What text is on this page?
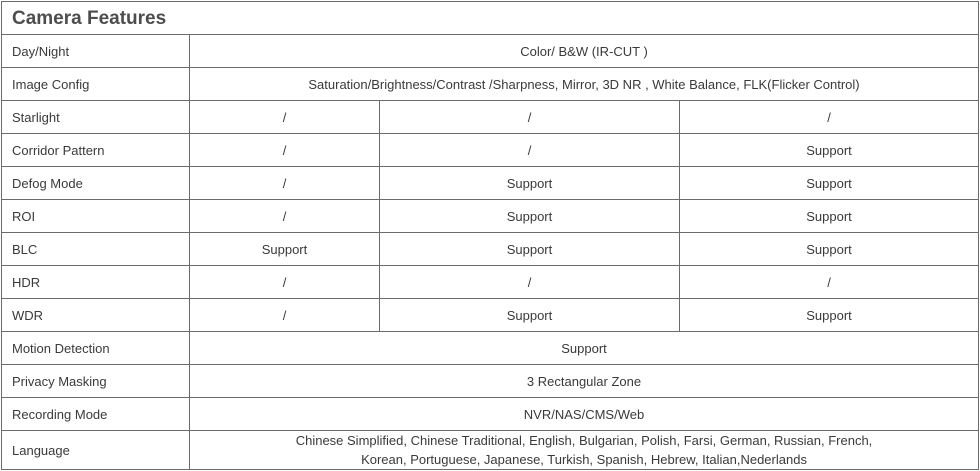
Camera Features			
Day/Night	Color/ B&W (IR-CUT )		
Image Config	Saturation/Brightness/Contrast /Sharpness, Mirror, 3D NR , White Balance, FLK(Flicker Control)		
Starlight	/	/	/
Corridor Pattern	/	/	Support
Defog Mode	/	Support	Support
ROI	/	Support	Support
BLC	Support	Support	Support
HDR	/	/	/
WDR	/	Support	Support
Motion Detection	Support		
Privacy Masking	3 Rectangular Zone		
Recording Mode	NVR/NAS/CMS/Web		
Language	Chinese Simplified, Chinese Traditional, English, Bulgarian, Polish, Farsi, German, Russian, French,
Korean, Portuguese, Japanese, Turkish, Spanish, Hebrew, Italian,Nederlands		
